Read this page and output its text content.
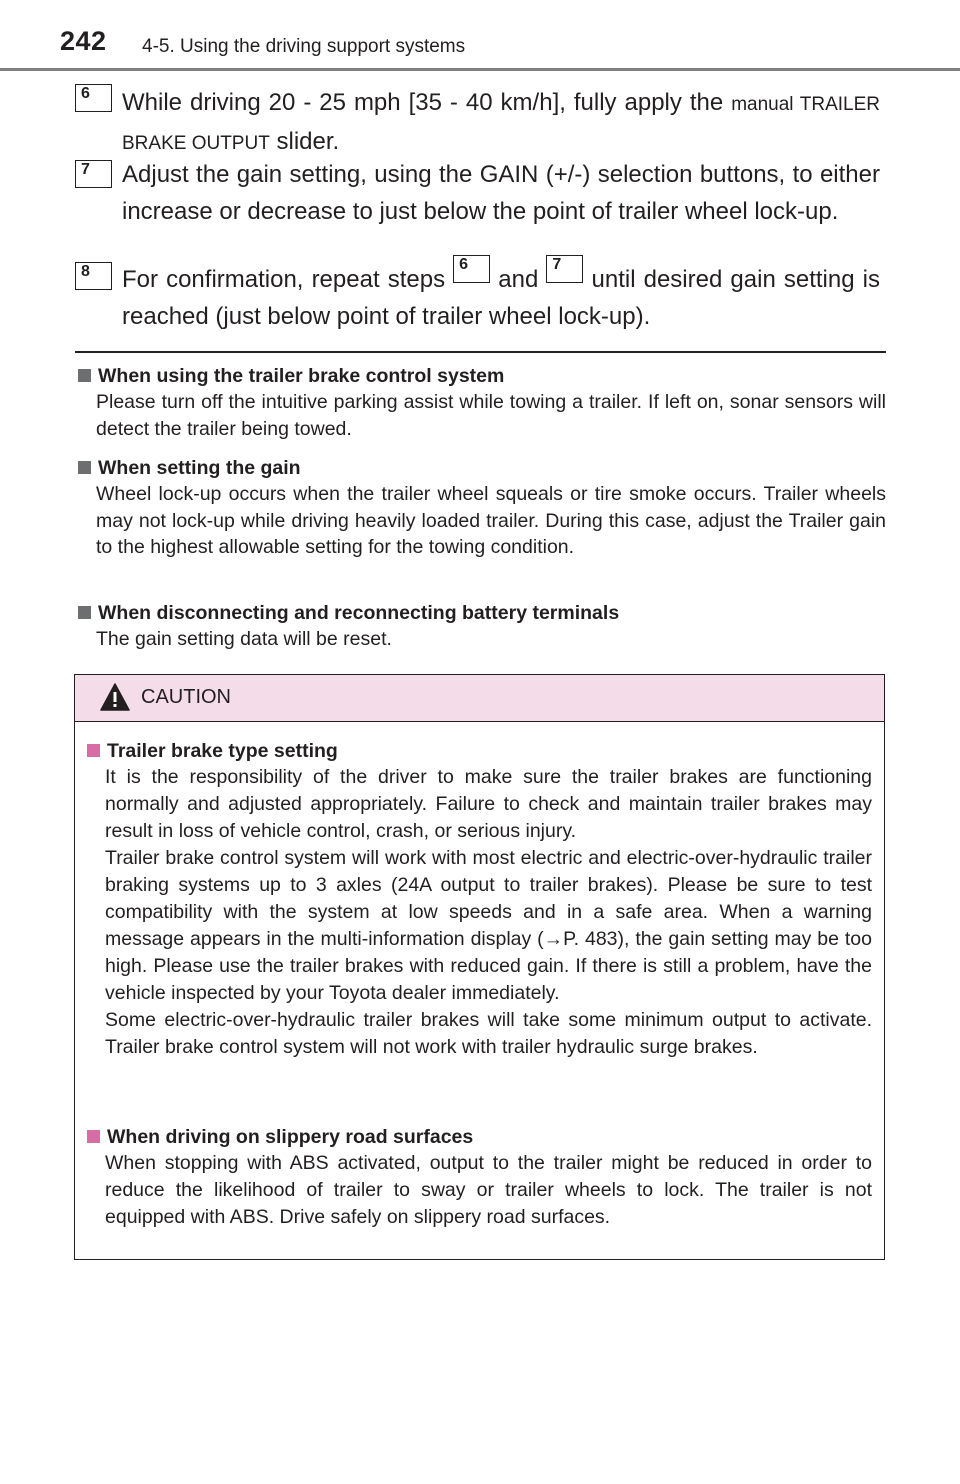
242 4-5. Using the driving support systems
6	While driving 20 - 25 mph [35 - 40 km/h], fully apply the manual TRAILER BRAKE OUTPUT slider.
7	Adjust the gain setting, using the GAIN (+/-) selection buttons, to either increase or decrease to just below the point of trailer wheel lock-up.
8	For confirmation, repeat steps 6 and 7 until desired gain setting is reached (just below point of trailer wheel lock-up).
When using the trailer brake control system
Please turn off the intuitive parking assist while towing a trailer. If left on, sonar sensors will detect the trailer being towed.
When setting the gain
Wheel lock-up occurs when the trailer wheel squeals or tire smoke occurs. Trailer wheels may not lock-up while driving heavily loaded trailer. During this case, adjust the Trailer gain to the highest allowable setting for the towing condition.
When disconnecting and reconnecting battery terminals
The gain setting data will be reset.
CAUTION
Trailer brake type setting
It is the responsibility of the driver to make sure the trailer brakes are functioning normally and adjusted appropriately. Failure to check and maintain trailer brakes may result in loss of vehicle control, crash, or serious injury.
Trailer brake control system will work with most electric and electric-over-hydraulic trailer braking systems up to 3 axles (24A output to trailer brakes). Please be sure to test compatibility with the system at low speeds and in a safe area. When a warning message appears in the multi-information display (→P. 483), the gain setting may be too high. Please use the trailer brakes with reduced gain. If there is still a problem, have the vehicle inspected by your Toyota dealer immediately.
Some electric-over-hydraulic trailer brakes will take some minimum output to activate. Trailer brake control system will not work with trailer hydraulic surge brakes.
When driving on slippery road surfaces
When stopping with ABS activated, output to the trailer might be reduced in order to reduce the likelihood of trailer to sway or trailer wheels to lock. The trailer is not equipped with ABS. Drive safely on slippery road surfaces.
